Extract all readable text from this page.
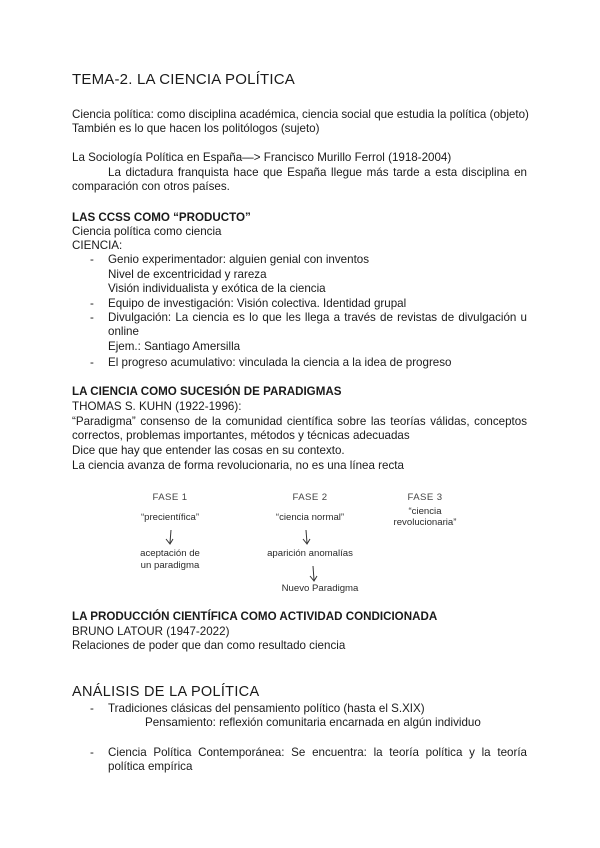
TEMA-2. LA CIENCIA POLÍTICA
Ciencia política: como disciplina académica, ciencia social que estudia la política (objeto)
También es lo que hacen los politólogos (sujeto)
La Sociología Política en España—> Francisco Murillo Ferrol (1918-2004)
La dictadura franquista hace que España llegue más tarde a esta disciplina en comparación con otros países.
LAS CCSS COMO “PRODUCTO”
Ciencia política como ciencia
CIENCIA:
- Genio experimentador: alguien genial con inventos
Nivel de excentricidad y rareza
Visión individualista y exótica de la ciencia
- Equipo de investigación: Visión colectiva. Identidad grupal
- Divulgación: La ciencia es lo que les llega a través de revistas de divulgación u online
Ejem.: Santiago Amersilla
- El progreso acumulativo: vinculada la ciencia a la idea de progreso
LA CIENCIA COMO SUCESIÓN DE PARADIGMAS
THOMAS S. KUHN (1922-1996):
“Paradigma” consenso de la comunidad científica sobre las teorías válidas, conceptos correctos, problemas importantes, métodos y técnicas adecuadas
Dice que hay que entender las cosas en su contexto.
La ciencia avanza de forma revolucionaria, no es una línea recta
FASE 1
“precientífica”
aceptación de
un paradigma
FASE 2
“ciencia normal”
aparición anomalías
Nuevo Paradigma
FASE 3
“ciencia
revolucionaria”
LA PRODUCCIÓN CIENTÍFICA COMO ACTIVIDAD CONDICIONADA
BRUNO LATOUR (1947-2022)
Relaciones de poder que dan como resultado ciencia
ANÁLISIS DE LA POLÍTICA
- Tradiciones clásicas del pensamiento político (hasta el S.XIX)
Pensamiento: reflexión comunitaria encarnada en algún individuo
- Ciencia Política Contemporánea: Se encuentra: la teoría política y la teoría política empírica
